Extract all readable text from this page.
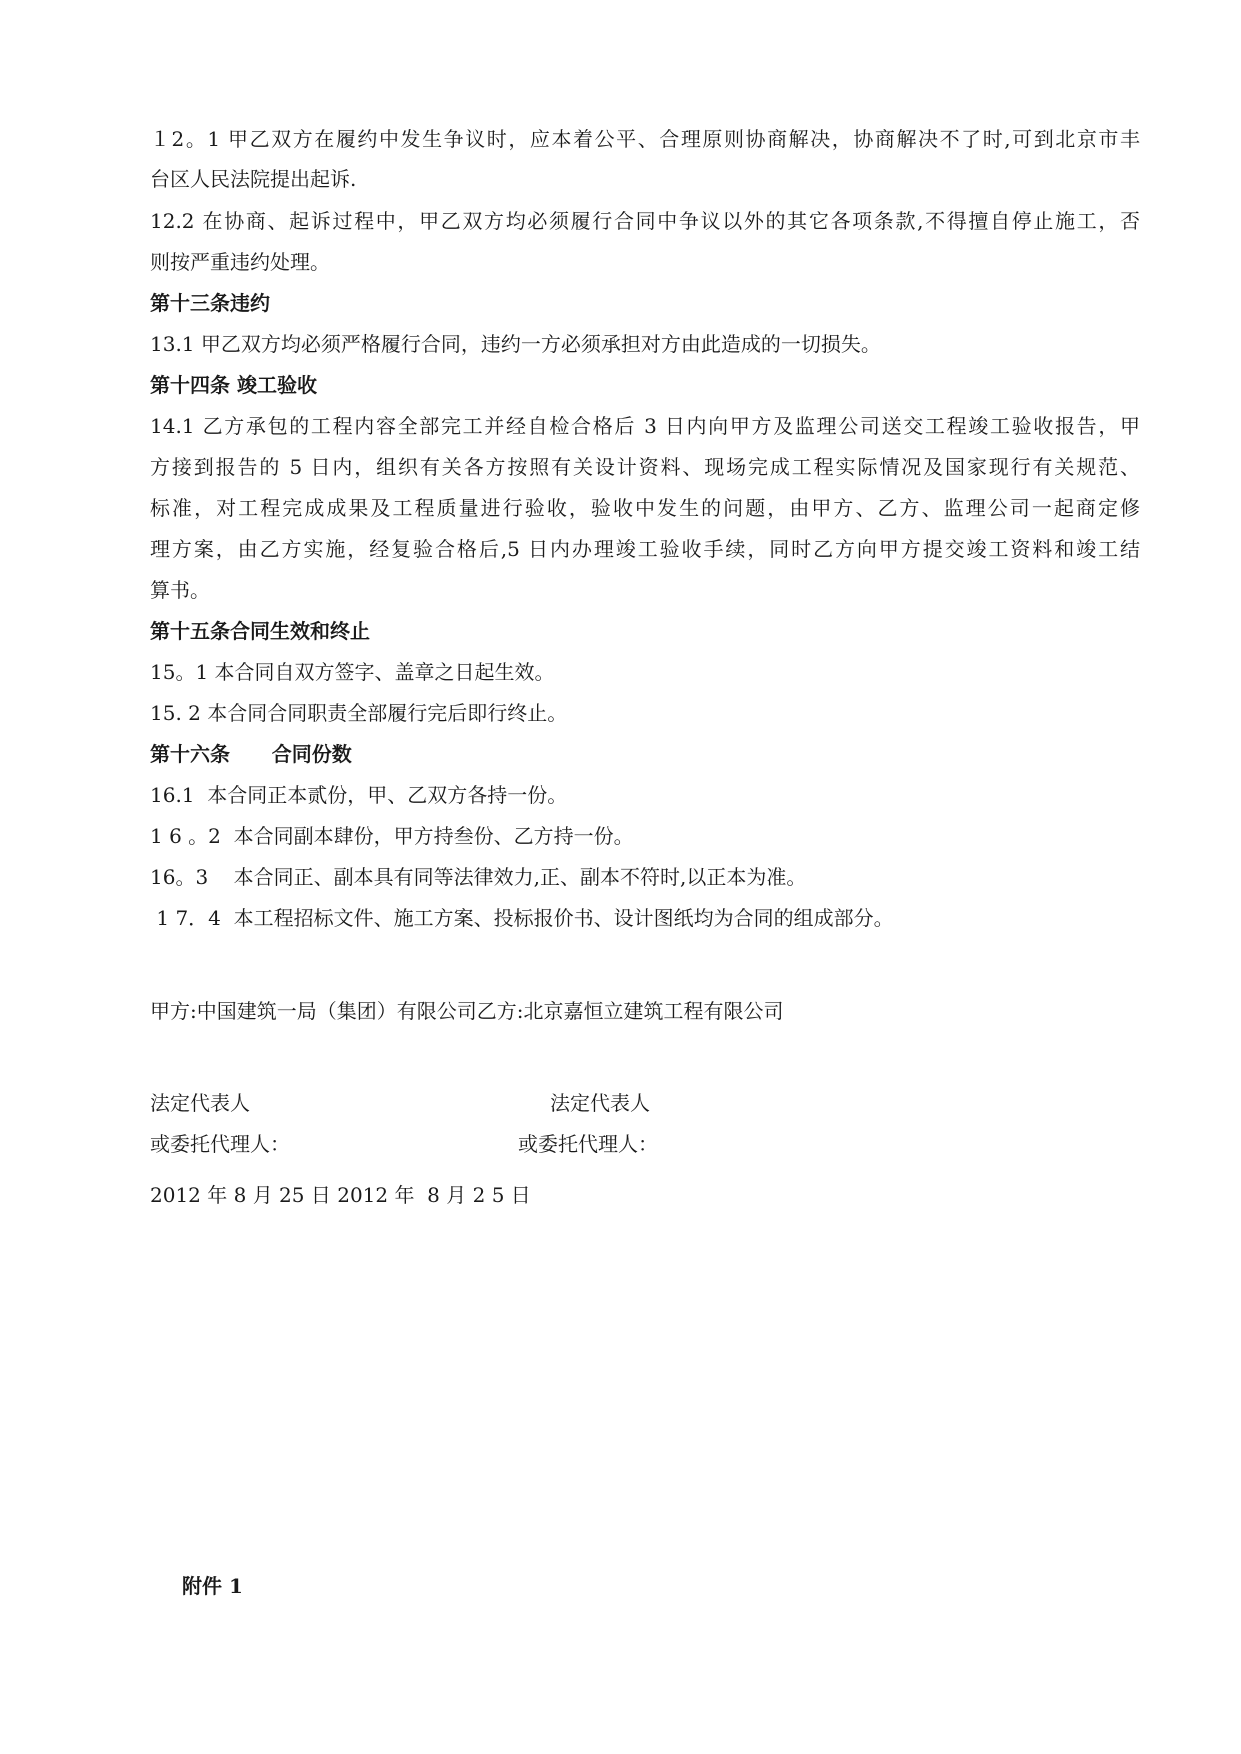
１2。1 甲乙双方在履约中发生争议时，应本着公平、合理原则协商解决，协商解决不了时,可到北京市丰
台区人民法院提出起诉.
12.2 在协商、起诉过程中，甲乙双方均必须履行合同中争议以外的其它各项条款,不得擅自停止施工，否
则按严重违约处理。
第十三条违约
13.1 甲乙双方均必须严格履行合同，违约一方必须承担对方由此造成的一切损失。
第十四条 竣工验收
14.1 乙方承包的工程内容全部完工并经自检合格后 3 日内向甲方及监理公司送交工程竣工验收报告，甲
方接到报告的 5 日内，组织有关各方按照有关设计资料、现场完成工程实际情况及国家现行有关规范、
标准，对工程完成成果及工程质量进行验收，验收中发生的问题，由甲方、乙方、监理公司一起商定修
理方案，由乙方实施，经复验合格后,5 日内办理竣工验收手续，同时乙方向甲方提交竣工资料和竣工结
算书。
第十五条合同生效和终止
15。1 本合同自双方签字、盖章之日起生效。
15. 2 本合同合同职责全部履行完后即行终止。
第十六条      合同份数
16.1  本合同正本贰份，甲、乙双方各持一份。
1 6 。2  本合同副本肆份，甲方持叁份、乙方持一份。
16。3    本合同正、副本具有同等法律效力,正、副本不符时,以正本为准。
1 7．4  本工程招标文件、施工方案、投标报价书、设计图纸均为合同的组成部分。
甲方:中国建筑一局（集团）有限公司乙方:北京嘉恒立建筑工程有限公司
法定代表人	法定代表人
或委托代理人：	或委托代理人：
2012 年 8 月 25 日 2012 年  8 月 2 5 日
附件 1
